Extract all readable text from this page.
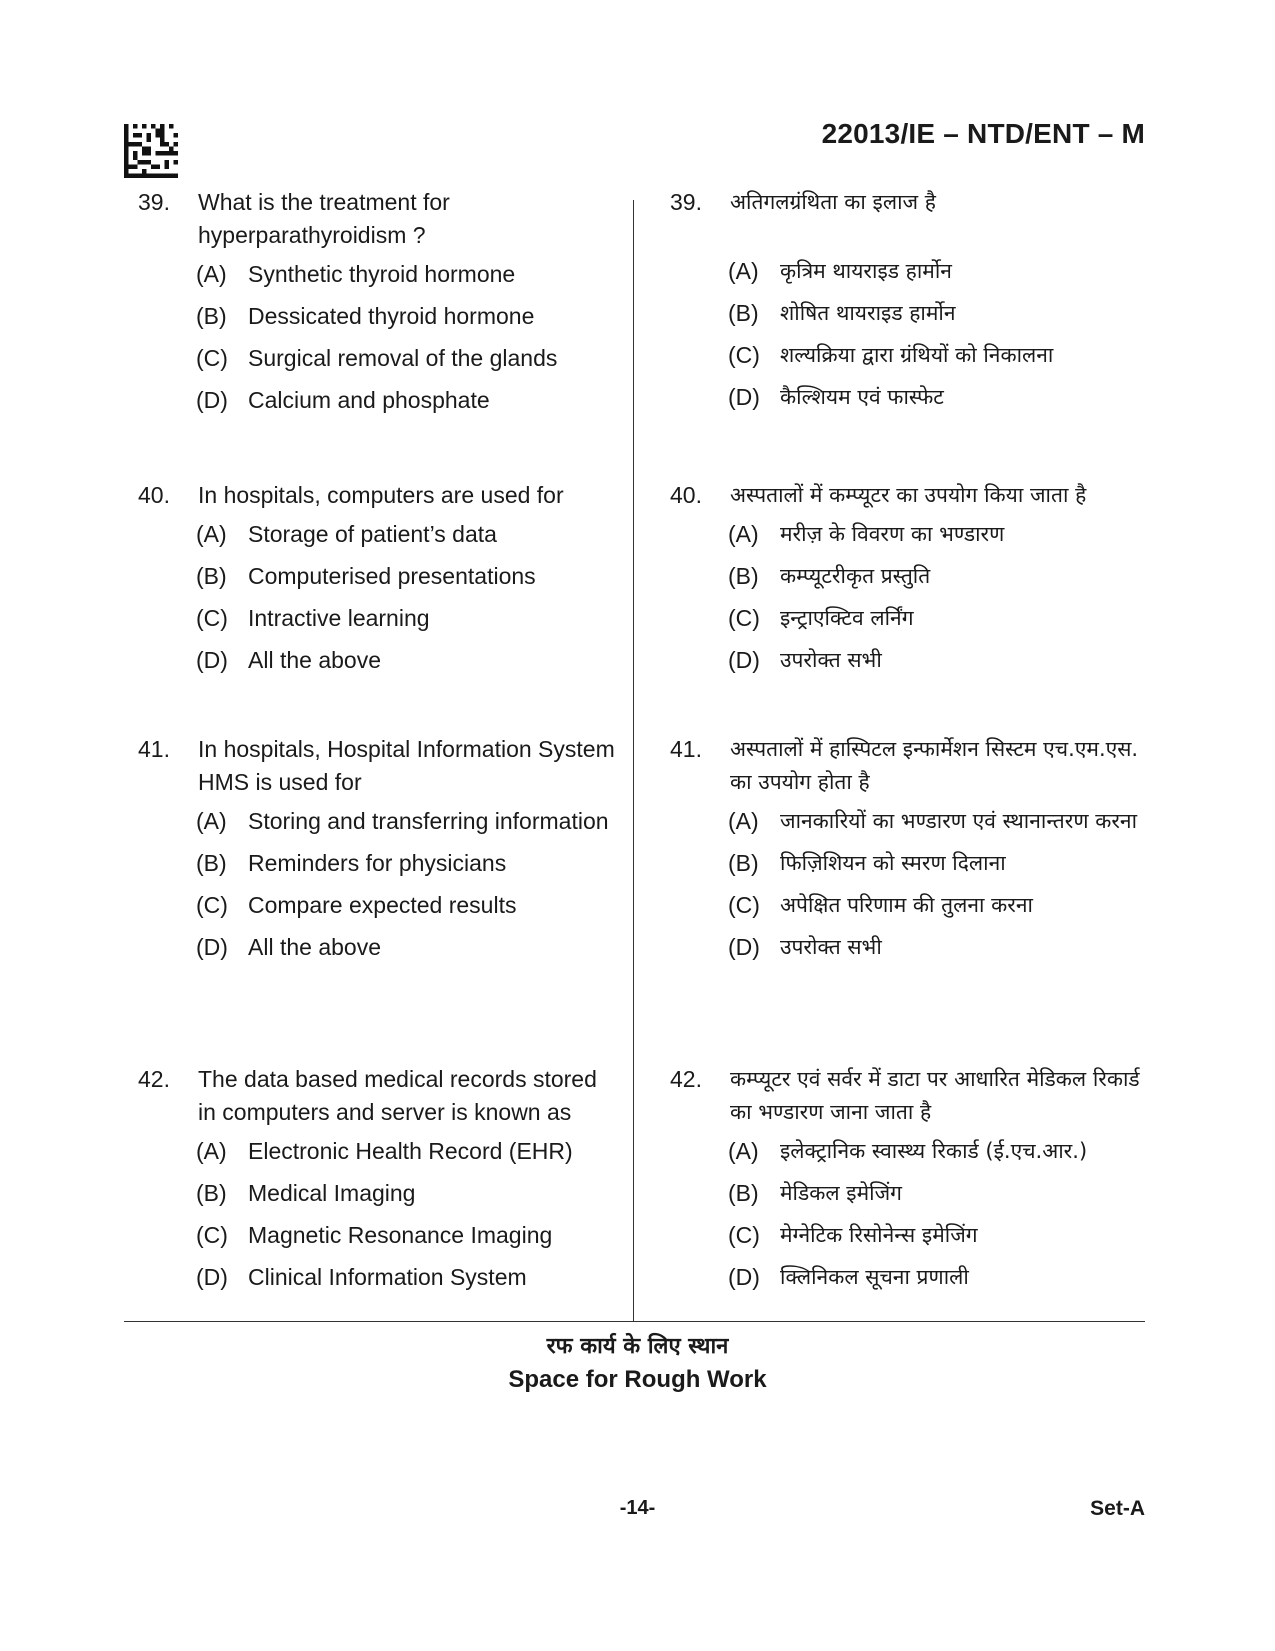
22013/IE – NTD/ENT – M
39.	What is the treatment for hyperparathyroidism ?
(A) Synthetic thyroid hormone
(B) Dessicated thyroid hormone
(C) Surgical removal of the glands
(D) Calcium and phosphate
40.	In hospitals, computers are used for
(A) Storage of patient’s data
(B) Computerised presentations
(C) Intractive learning
(D) All the above
41.	In hospitals, Hospital Information System HMS is used for
(A) Storing and transferring information
(B) Reminders for physicians
(C) Compare expected results
(D) All the above
42.	The data based medical records stored in computers and server is known as
(A) Electronic Health Record (EHR)
(B) Medical Imaging
(C) Magnetic Resonance Imaging
(D) Clinical Information System
39.	अतिगलग्रंथिता का इलाज है
(A)	कृत्रिम थायराइड हार्मोन
(B)	शोषित थायराइड हार्मोन
(C) शल्यक्रिया द्वारा ग्रंथियों को निकालना
(D) कैल्शियम एवं फास्फेट
40.	अस्पतालों में कम्प्यूटर का उपयोग किया जाता है
(A)	मरीज़ के विवरण का भण्डारण
(B)	कम्प्यूटरीकृत प्रस्तुति
(C) इन्ट्राएक्टिव लर्निंग
(D) उपरोक्त सभी
41.	अस्पतालों में हास्पिटल इन्फार्मेशन सिस्टम एच.एम.एस. का उपयोग होता है
(A)	जानकारियों का भण्डारण एवं स्थानान्तरण करना
(B)	फिज़िशियन को स्मरण दिलाना
(C) अपेक्षित परिणाम की तुलना करना
(D) उपरोक्त सभी
42.	कम्प्यूटर एवं सर्वर में डाटा पर आधारित मेडिकल रिकार्ड का भण्डारण जाना जाता है
(A)	इलेक्ट्रानिक स्वास्थ्य रिकार्ड (ई.एच.आर.)
(B)	मेडिकल इमेजिंग
(C) मेग्नेटिक रिसोनेन्स इमेजिंग
(D) क्लिनिकल सूचना प्रणाली
रफ कार्य के लिए स्थान
Space for Rough Work
-14-	Set-A
